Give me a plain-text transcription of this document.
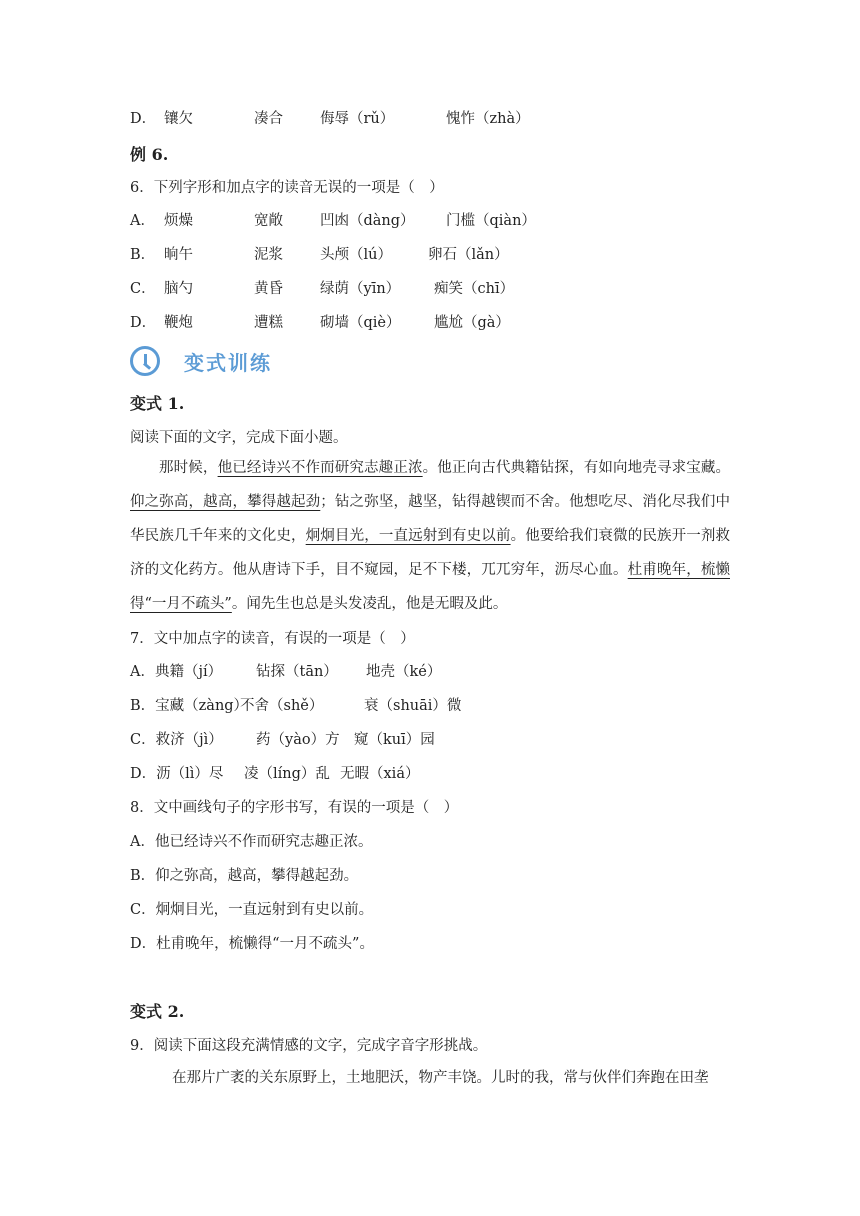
D． 镶欠	凑合	侮辱（rǔ）	愧怍（zhà）
例 6.
6．下列字形和加点字的读音无误的一项是（　）
A． 烦燥	宽敞	凹凼（dàng） 门槛（qiàn）
B． 晌午	泥浆	头颅（lú） 卵石（lǎn）
C． 脑勺	黄昏	绿荫（yīn） 痴笑（chī）
D． 鞭炮	遭糕	砌墙（qiè） 尴尬（gà）
变式训练
变式 1.
阅读下面的文字，完成下面小题。
那时候，他已经诗兴不作而研究志趣正浓。他正向古代典籍钻探，有如向地壳寻求宝藏。仰之弥高，越高，攀得越起劲；钻之弥坚，越坚，钻得越锲而不舍。他想吃尽、消化尽我们中华民族几千年来的文化史，炯炯目光，一直远射到有史以前。他要给我们衰微的民族开一剂救济的文化药方。他从唐诗下手，目不窥园，足不下楼，兀兀穷年，沥尽心血。杜甫晚年，梳懒得“一月不疏头”。闻先生也总是头发凌乱，他是无暇及此。
7．文中加点字的读音，有误的一项是（　）
A．典籍（jí） 钻探（tān） 地壳（ké）
B．宝藏（zàng）不舍（shě）	衰（shuāi）微
C．救济（jì） 药（yào）方 窥（kuī）园
D．沥（lì）尽 凌（líng）乱 无暇（xiá）
8．文中画线句子的字形书写，有误的一项是（　）
A．他已经诗兴不作而研究志趣正浓。
B．仰之弥高，越高，攀得越起劲。
C．炯炯目光，一直远射到有史以前。
D．杜甫晚年，梳懒得“一月不疏头”。
变式 2.
9．阅读下面这段充满情感的文字，完成字音字形挑战。
在那片广袤的关东原野上，土地肥沃，物产丰饶。儿时的我，常与伙伴们奔跑在田垄
